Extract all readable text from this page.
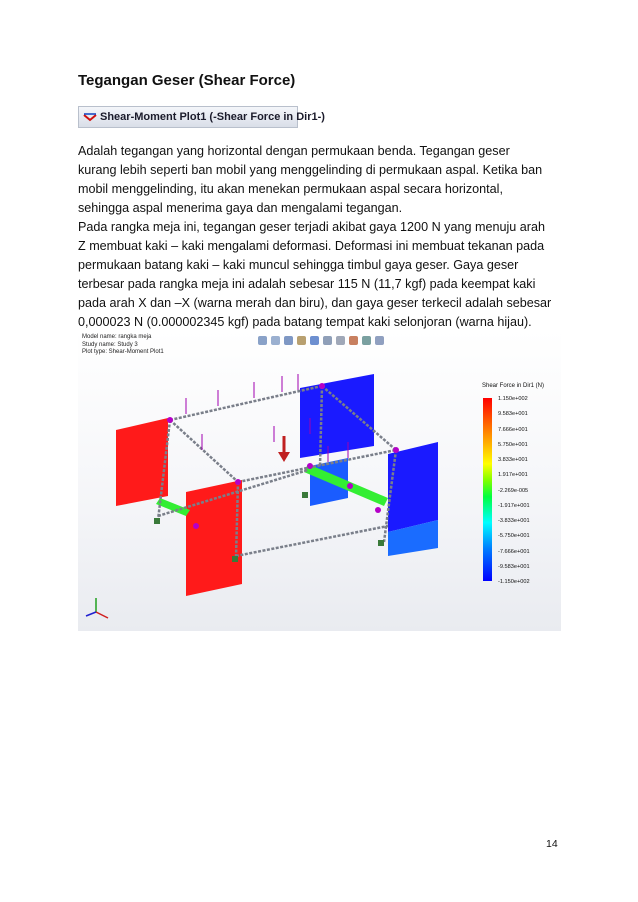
Tegangan Geser (Shear Force)
Shear-Moment Plot1 (-Shear Force in Dir1-)

Adalah tegangan yang horizontal dengan permukaan benda. Tegangan geser
kurang lebih seperti ban mobil yang menggelinding di permukaan aspal. Ketika ban
mobil menggelinding, itu akan menekan permukaan aspal secara horizontal,
sehingga aspal menerima gaya dan mengalami tegangan.

Pada rangka meja ini, tegangan geser terjadi akibat gaya 1200 N yang menuju arah
Z membuat kaki – kaki mengalami deformasi. Deformasi ini membuat tekanan pada
permukaan batang kaki – kaki muncul sehingga timbul gaya geser. Gaya geser
terbesar pada rangka meja ini adalah sebesar 115 N (11,7 kgf) pada keempat kaki
pada arah X dan –X (warna merah dan biru), dan gaya geser terkecil adalah sebesar
0,000023 N (0.000002345 kgf) pada batang tempat kaki selonjoran (warna hijau).

Model name: rangka meja
Study name: Study 3
Plot type: Shear-Moment Plot1
Shear Force in Dir1 (N)
1.150e+002
9.583e+001
7.666e+001
5.750e+001
3.833e+001
1.917e+001
-2.269e-005
-1.917e+001
-3.833e+001
-5.750e+001
-7.666e+001
-9.583e+001
-1.150e+002
14
